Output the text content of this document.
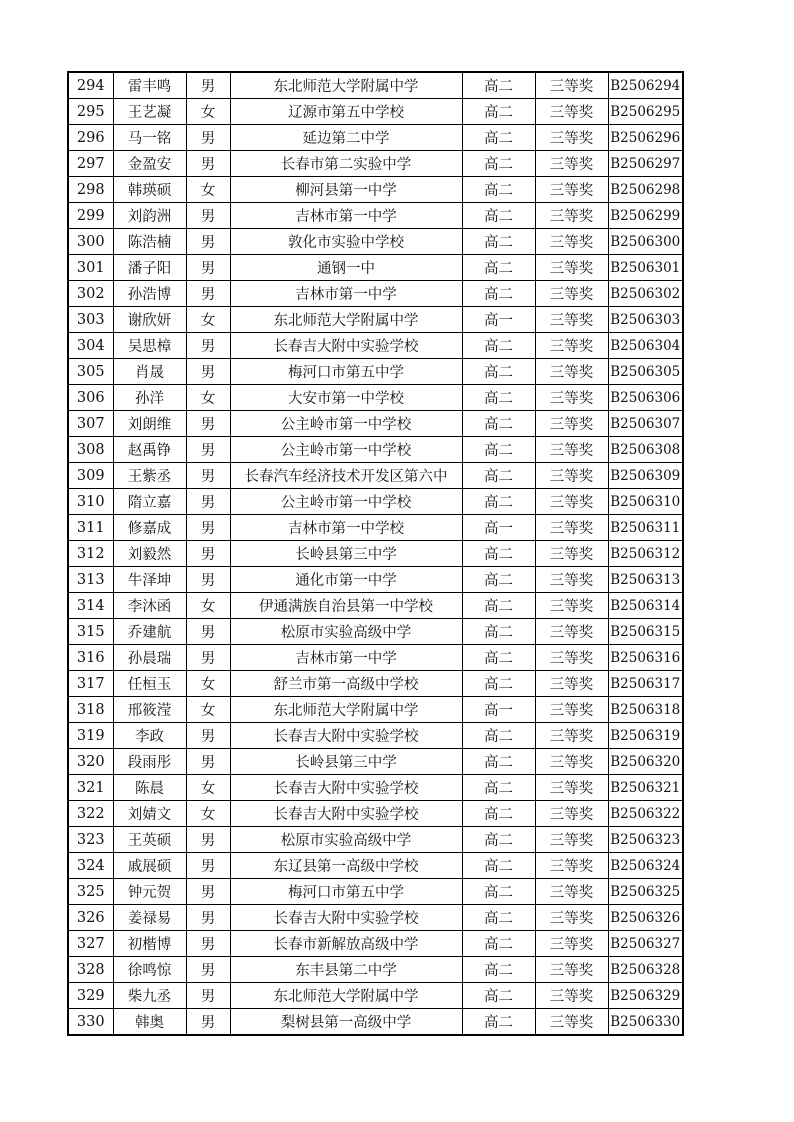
294	雷丰鸣	男	东北师范大学附属中学	高二	三等奖	B2506294
295	王艺凝	女	辽源市第五中学校	高二	三等奖	B2506295
296	马一铭	男	延边第二中学	高二	三等奖	B2506296
297	金盈安	男	长春市第二实验中学	高二	三等奖	B2506297
298	韩瑛硕	女	柳河县第一中学	高二	三等奖	B2506298
299	刘韵洲	男	吉林市第一中学	高二	三等奖	B2506299
300	陈浩楠	男	敦化市实验中学校	高二	三等奖	B2506300
301	潘子阳	男	通钢一中	高二	三等奖	B2506301
302	孙浩博	男	吉林市第一中学	高二	三等奖	B2506302
303	谢欣妍	女	东北师范大学附属中学	高一	三等奖	B2506303
304	吴思樟	男	长春吉大附中实验学校	高二	三等奖	B2506304
305	肖晟	男	梅河口市第五中学	高二	三等奖	B2506305
306	孙洋	女	大安市第一中学校	高二	三等奖	B2506306
307	刘朗维	男	公主岭市第一中学校	高二	三等奖	B2506307
308	赵禹铮	男	公主岭市第一中学校	高二	三等奖	B2506308
309	王紫丞	男	长春汽车经济技术开发区第六中	高二	三等奖	B2506309
310	隋立嘉	男	公主岭市第一中学校	高二	三等奖	B2506310
311	修嘉成	男	吉林市第一中学校	高一	三等奖	B2506311
312	刘毅然	男	长岭县第三中学	高二	三等奖	B2506312
313	牛泽坤	男	通化市第一中学	高二	三等奖	B2506313
314	李沐函	女	伊通满族自治县第一中学校	高二	三等奖	B2506314
315	乔建航	男	松原市实验高级中学	高二	三等奖	B2506315
316	孙晨瑞	男	吉林市第一中学	高二	三等奖	B2506316
317	任桓玉	女	舒兰市第一高级中学校	高二	三等奖	B2506317
318	邢筱滢	女	东北师范大学附属中学	高一	三等奖	B2506318
319	李政	男	长春吉大附中实验学校	高二	三等奖	B2506319
320	段雨彤	男	长岭县第三中学	高二	三等奖	B2506320
321	陈晨	女	长春吉大附中实验学校	高二	三等奖	B2506321
322	刘婧文	女	长春吉大附中实验学校	高二	三等奖	B2506322
323	王英硕	男	松原市实验高级中学	高二	三等奖	B2506323
324	戚展硕	男	东辽县第一高级中学校	高二	三等奖	B2506324
325	钟元贺	男	梅河口市第五中学	高二	三等奖	B2506325
326	姜禄易	男	长春吉大附中实验学校	高二	三等奖	B2506326
327	初楷博	男	长春市新解放高级中学	高二	三等奖	B2506327
328	徐鸣惊	男	东丰县第二中学	高二	三等奖	B2506328
329	柴九丞	男	东北师范大学附属中学	高二	三等奖	B2506329
330	韩奥	男	梨树县第一高级中学	高二	三等奖	B2506330
